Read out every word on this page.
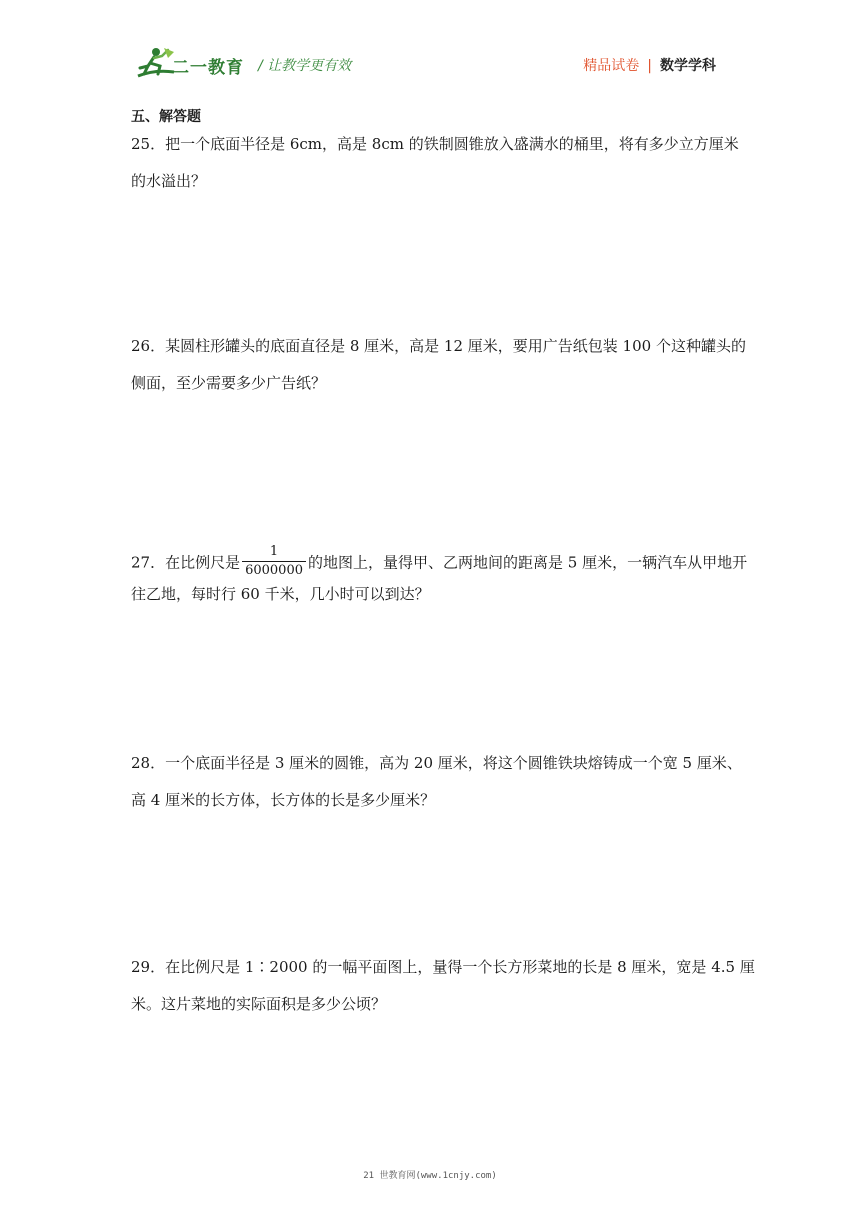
二一教育 / 让教学更有效	精品试卷 | 数学学科
五、解答题
25．把一个底面半径是 6cm，高是 8cm 的铁制圆锥放入盛满水的桶里，将有多少立方厘米
的水溢出？
26．某圆柱形罐头的底面直径是 8 厘米，高是 12 厘米，要用广告纸包装 100 个这种罐头的
侧面，至少需要多少广告纸？
27．在比例尺是 $\frac{1}{6000000}$ 的地图上，量得甲、乙两地间的距离是 5 厘米，一辆汽车从甲地开
往乙地，每时行 60 千米，几小时可以到达？
28．一个底面半径是 3 厘米的圆锥，高为 20 厘米，将这个圆锥铁块熔铸成一个宽 5 厘米、
高 4 厘米的长方体，长方体的长是多少厘米？
29．在比例尺是 1∶2000 的一幅平面图上，量得一个长方形菜地的长是 8 厘米，宽是 4.5 厘
米。这片菜地的实际面积是多少公顷？
21 世教育网(www.1cnjy.com)
